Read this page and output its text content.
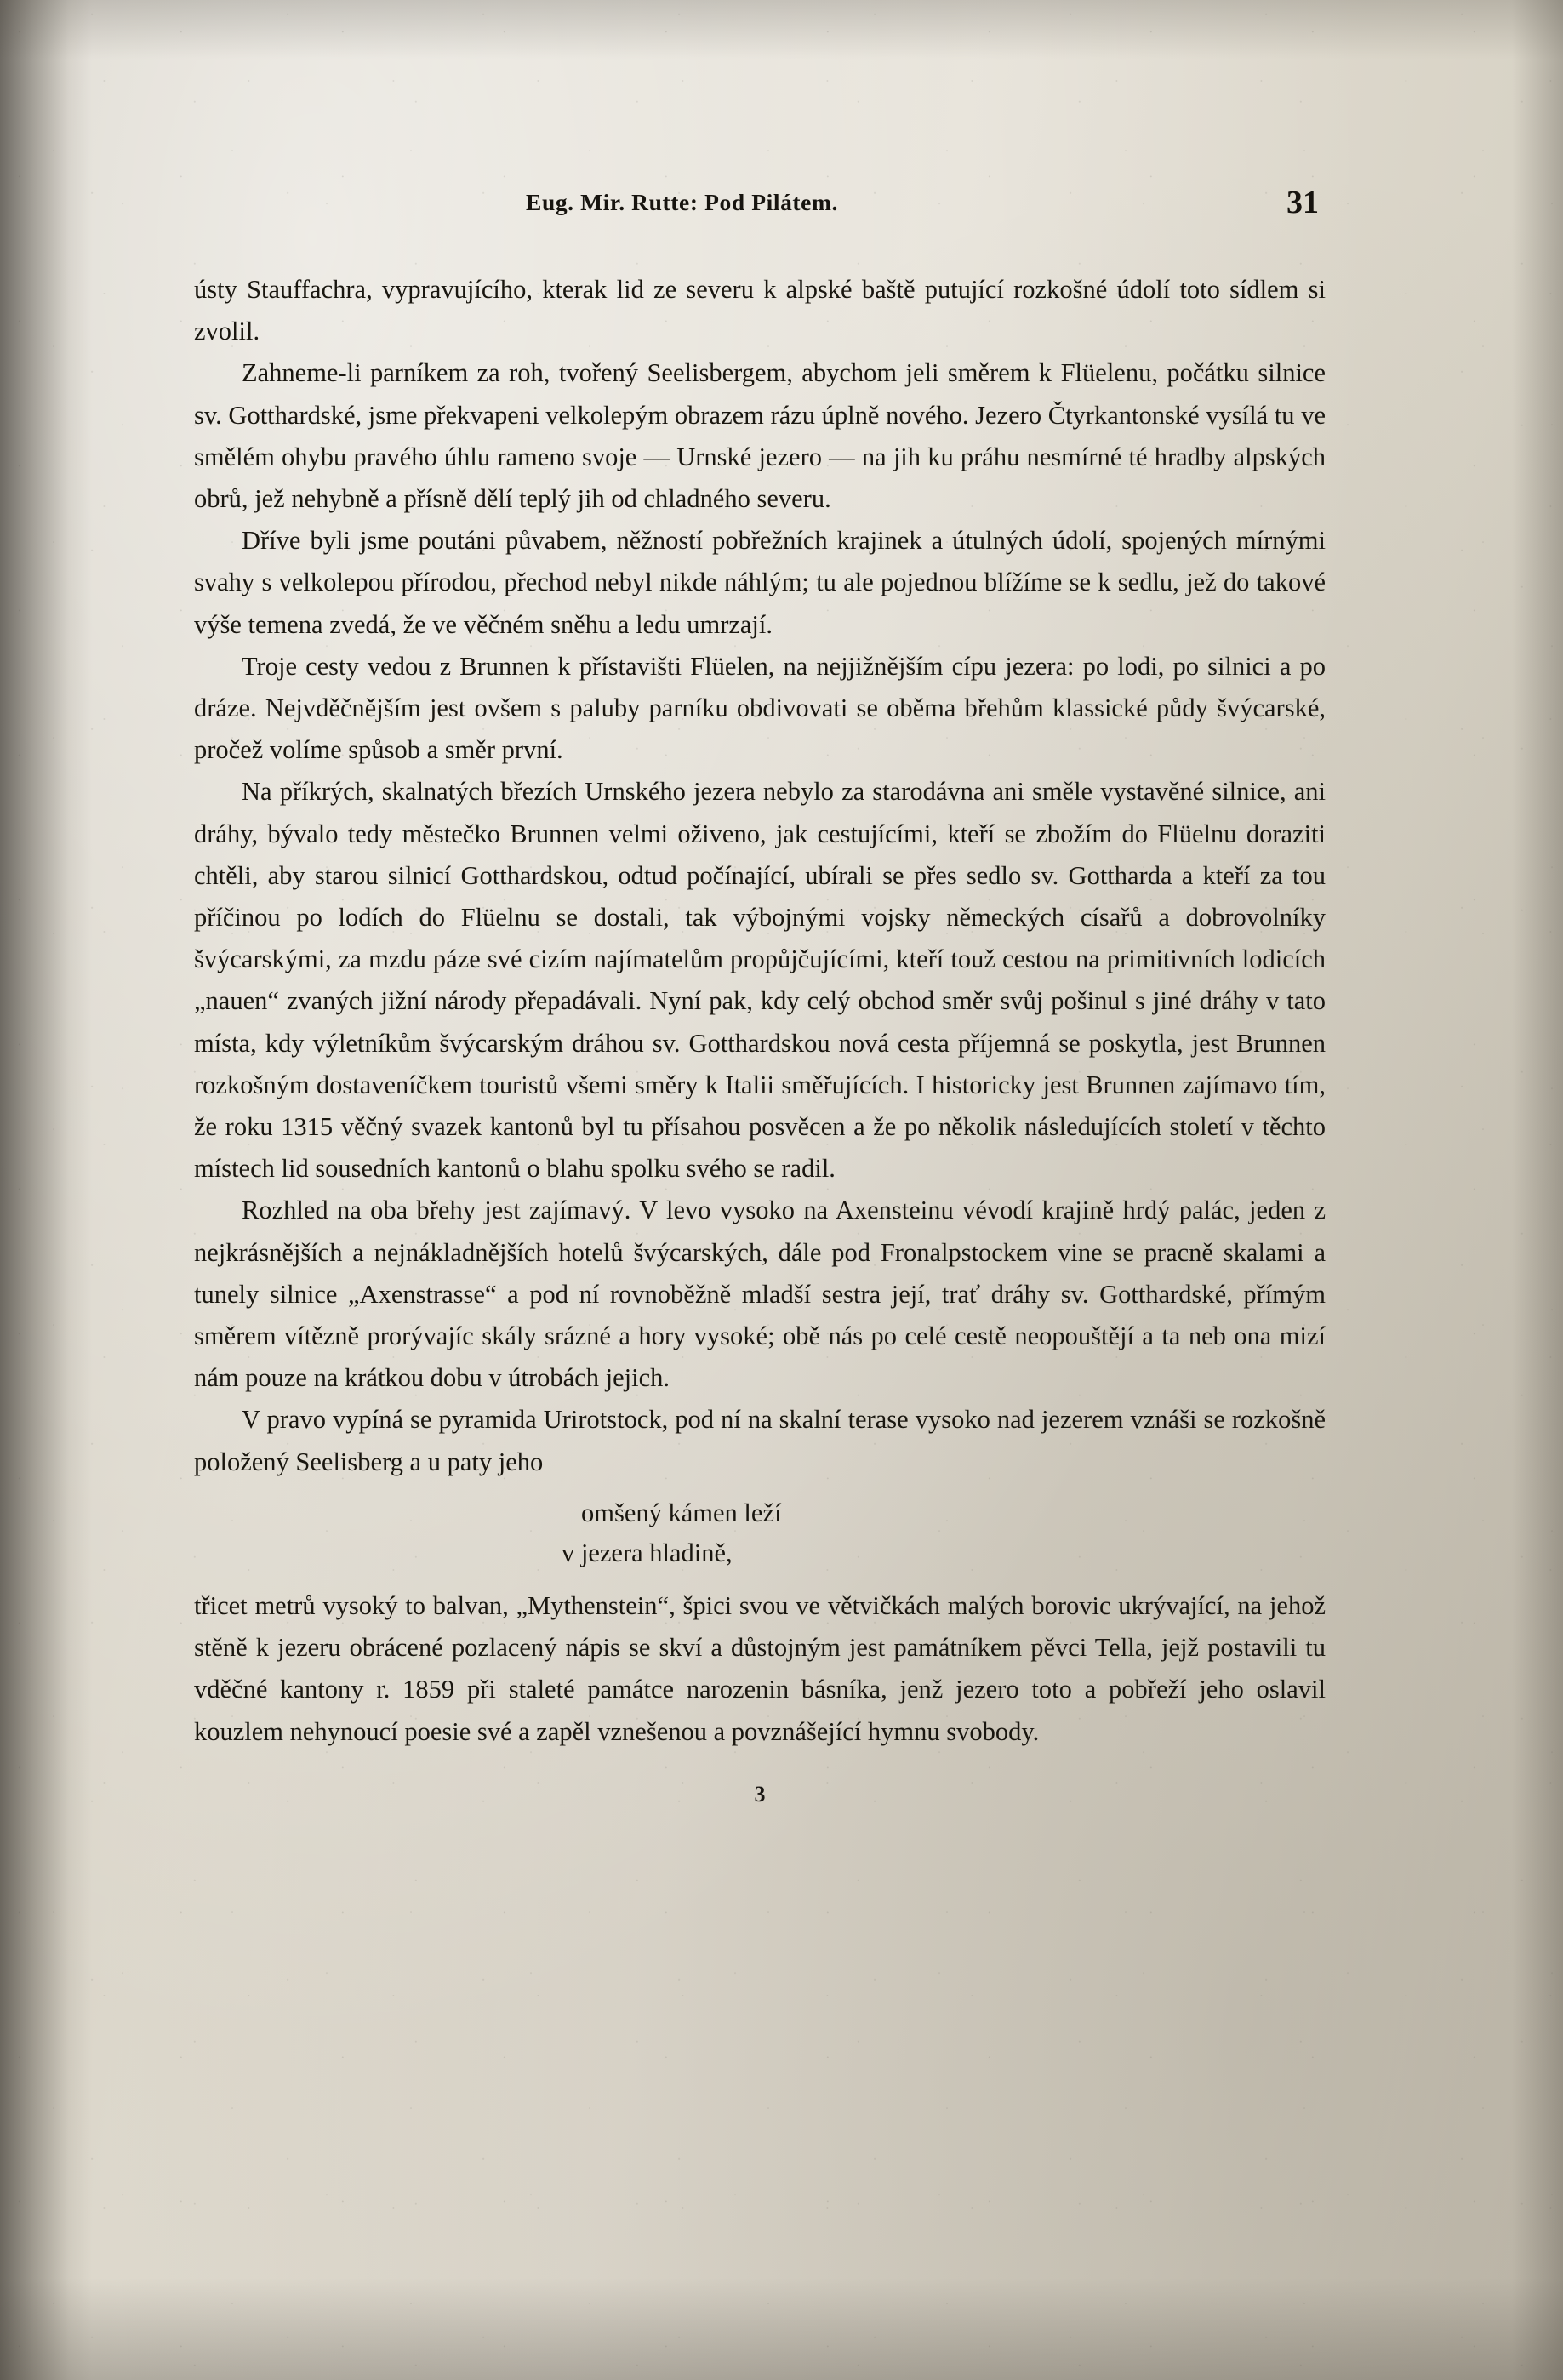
Eug. Mir. Rutte: Pod Pilátem.	31

ústy Stauffachra, vypravujícího, kterak lid ze severu k alpské baště putující rozkošné údolí toto sídlem si zvolil.

Zahneme-li parníkem za roh, tvořený Seelisbergem, abychom jeli směrem k Flüelenu, počátku silnice sv. Gotthardské, jsme překvapeni velkolepým obrazem rázu úplně nového. Jezero Čtyrkantonské vysílá tu ve smělém ohybu pravého úhlu rameno svoje — Urnské jezero — na jih ku práhu nesmírné té hradby alpských obrů, jež nehybně a přísně dělí teplý jih od chladného severu.

Dříve byli jsme poutáni půvabem, něžností pobřežních krajinek a útulných údolí, spojených mírnými svahy s velkolepou přírodou, přechod nebyl nikde náhlým; tu ale pojednou blížíme se k sedlu, jež do takové výše temena zvedá, že ve věčném sněhu a ledu umrzají.

Troje cesty vedou z Brunnen k přístavišti Flüelen, na nejjižnějším cípu jezera: po lodi, po silnici a po dráze. Nejvděčnějším jest ovšem s paluby parníku obdivovati se oběma břehům klassické půdy švýcarské, pročež volíme spůsob a směr první.

Na příkrých, skalnatých březích Urnského jezera nebylo za starodávna ani směle vystavěné silnice, ani dráhy, bývalo tedy městečko Brunnen velmi oživeno, jak cestujícími, kteří se zbožím do Flüelnu doraziti chtěli, aby starou silnicí Gotthardskou, odtud počínající, ubírali se přes sedlo sv. Gottharda a kteří za tou příčinou po lodích do Flüelnu se dostali, tak výbojnými vojsky německých císařů a dobrovolníky švýcarskými, za mzdu páze své cizím najímatelům propůjčujícími, kteří touž cestou na primitivních lodicích „nauen“ zvaných jižní národy přepadávali. Nyní pak, kdy celý obchod směr svůj pošinul s jiné dráhy v tato místa, kdy výletníkům švýcarským dráhou sv. Gotthardskou nová cesta příjemná se poskytla, jest Brunnen rozkošným dostaveníčkem touristů všemi směry k Italii směřujících. I historicky jest Brunnen zajímavo tím, že roku 1315 věčný svazek kantonů byl tu přísahou posvěcen a že po několik následujících století v těchto místech lid sousedních kantonů o blahu spolku svého se radil.

Rozhled na oba břehy jest zajímavý. V levo vysoko na Axensteinu vévodí krajině hrdý palác, jeden z nejkrásnějších a nejnákladnějších hotelů švýcarských, dále pod Fronalpstockem vine se pracně skalami a tunely silnice „Axenstrasse“ a pod ní rovnoběžně mladší sestra její, trať dráhy sv. Gotthardské, přímým směrem vítězně prorývajíc skály srázné a hory vysoké; obě nás po celé cestě neopouštějí a ta neb ona mizí nám pouze na krátkou dobu v útrobách jejich.

V pravo vypíná se pyramida Urirotstock, pod ní na skalní terase vysoko nad jezerem vznáši se rozkošně položený Seelisberg a u paty jeho

omšený kámen leží
v jezera hladině,

třicet metrů vysoký to balvan, „Mythenstein“, špici svou ve větvičkách malých borovic ukrývající, na jehož stěně k jezeru obrácené pozlacený nápis se skví a důstojným jest památníkem pěvci Tella, jejž postavili tu vděčné kantony r. 1859 při staleté památce narozenin básníka, jenž jezero toto a pobřeží jeho oslavil kouzlem nehynoucí poesie své a zapěl vznešenou a povznášející hymnu svobody.

3
